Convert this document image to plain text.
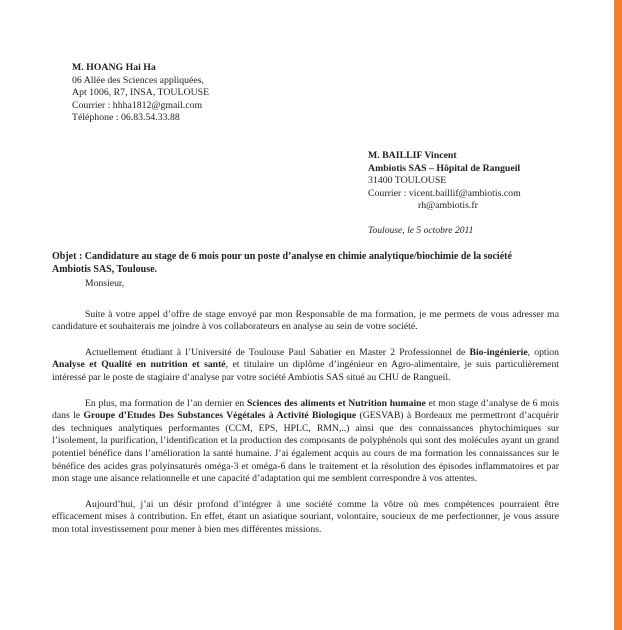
M. HOANG Hai Ha
06 Allée des Sciences appliquées,
Apt 1006, R7, INSA, TOULOUSE
Courrier : hhha1812@gmail.com
Téléphone : 06.83.54.33.88
M. BAILLIF Vincent
Ambiotis SAS – Hôpital de Rangueil
31400 TOULOUSE
Courrier : vicent.baillif@ambiotis.com
rh@ambiotis.fr
Toulouse, le 5 octobre 2011
Objet : Candidature au stage de 6 mois pour un poste d’analyse en chimie analytique/biochimie de la société Ambiotis SAS, Toulouse.

Monsieur,

Suite à votre appel d’offre de stage envoyé par mon Responsable de ma formation, je me permets de vous adresser ma candidature et souhaiterais me joindre à vos collaborateurs en analyse au sein de votre société.

Actuellement étudiant à l’Université de Toulouse Paul Sabatier en Master 2 Professionnel de Bio-ingénierie, option Analyse et Qualité en nutrition et santé, et titulaire un diplôme d’ingénieur en Agro-alimentaire, je suis particulièrement intéressé par le poste de stagiaire d’analyse par votre société Ambiotis SAS situé au CHU de Rangueil.

En plus, ma formation de l’an dernier en Sciences des aliments et Nutrition humaine et mon stage d’analyse de 6 mois dans le Groupe d’Etudes Des Substances Végétales à Activité Biologique (GESVAB) à Bordeaux me permettront d’acquérir des techniques analytiques performantes (CCM, EPS, HPLC, RMN,..) ainsi que des connaissances phytochimiques sur l’isolement, la purification, l’identification et la production des composants de polyphénols qui sont des molécules ayant un grand potentiel bénéfice dans l’amélioration la santé humaine. J’ai également acquis au cours de ma formation les connaissances sur le bénéfice des acides gras polyinsaturés oméga-3 et oméga-6 dans le traitement et la résolution des épisodes inflammatoires et par mon stage une aisance relationnelle et une capacité d’adaptation qui me semblent correspondre à vos attentes.

Aujourd’hui, j’ai un désir profond d’intégrer à une société comme la vôtre où mes compétences pourraient être efficacement mises à contribution. En effet, étant un asiatique souriant, volontaire, soucieux de me perfectionner, je vous assure mon total investissement pour mener à bien mes différentes missions.
